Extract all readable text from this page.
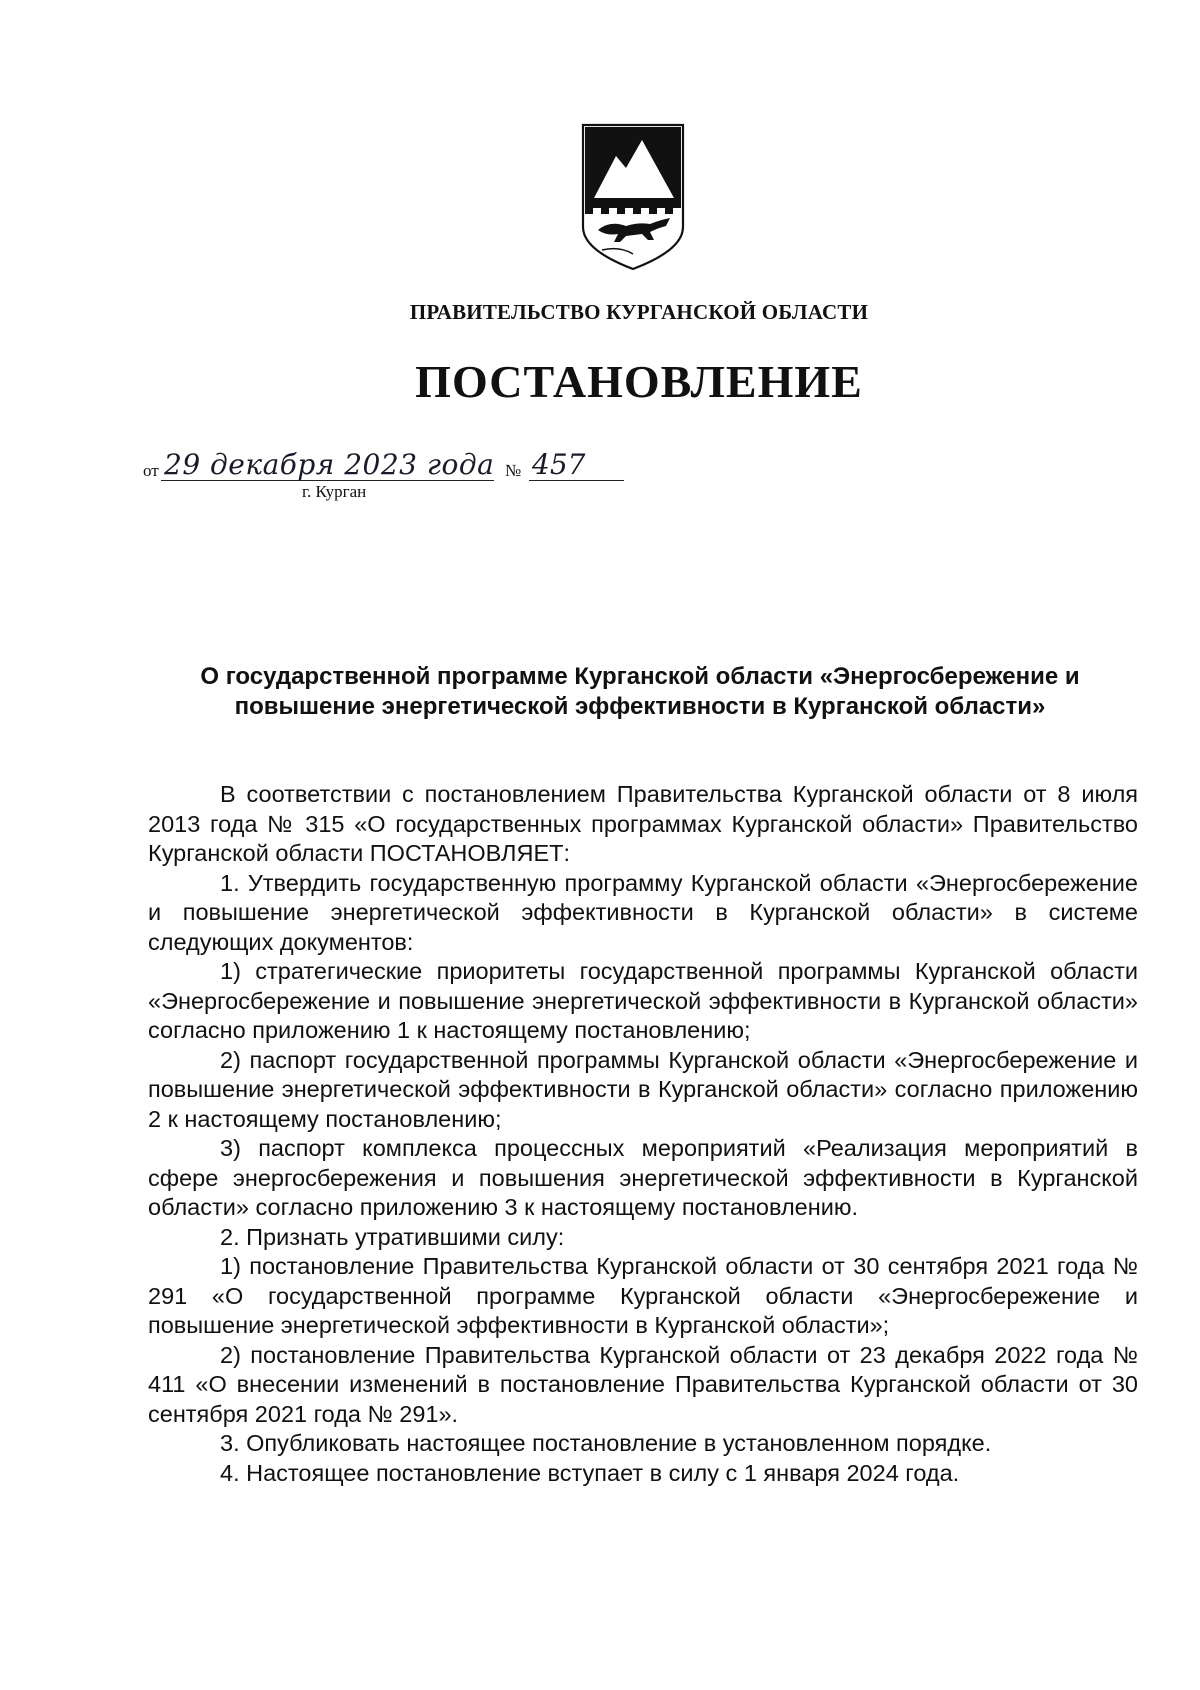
ПРАВИТЕЛЬСТВО КУРГАНСКОЙ ОБЛАСТИ
ПОСТАНОВЛЕНИЕ
от 29 декабря 2023 года № 457
г. Курган
О государственной программе Курганской области «Энергосбережение и повышение энергетической эффективности в Курганской области»

В соответствии с постановлением Правительства Курганской области от 8 июля 2013 года № 315 «О государственных программах Курганской области» Правительство Курганской области ПОСТАНОВЛЯЕТ:

1. Утвердить государственную программу Курганской области «Энергосбережение и повышение энергетической эффективности в Курганской области» в системе следующих документов:

1) стратегические приоритеты государственной программы Курганской области «Энергосбережение и повышение энергетической эффективности в Курганской области» согласно приложению 1 к настоящему постановлению;

2) паспорт государственной программы Курганской области «Энергосбережение и повышение энергетической эффективности в Курганской области» согласно приложению 2 к настоящему постановлению;

3) паспорт комплекса процессных мероприятий «Реализация мероприятий в сфере энергосбережения и повышения энергетической эффективности в Курганской области» согласно приложению 3 к настоящему постановлению.

2. Признать утратившими силу:

1) постановление Правительства Курганской области от 30 сентября 2021 года № 291 «О государственной программе Курганской области «Энергосбережение и повышение энергетической эффективности в Курганской области»;

2) постановление Правительства Курганской области от 23 декабря 2022 года № 411 «О внесении изменений в постановление Правительства Курганской области от 30 сентября 2021 года № 291».

3. Опубликовать настоящее постановление в установленном порядке.

4. Настоящее постановление вступает в силу с 1 января 2024 года.
